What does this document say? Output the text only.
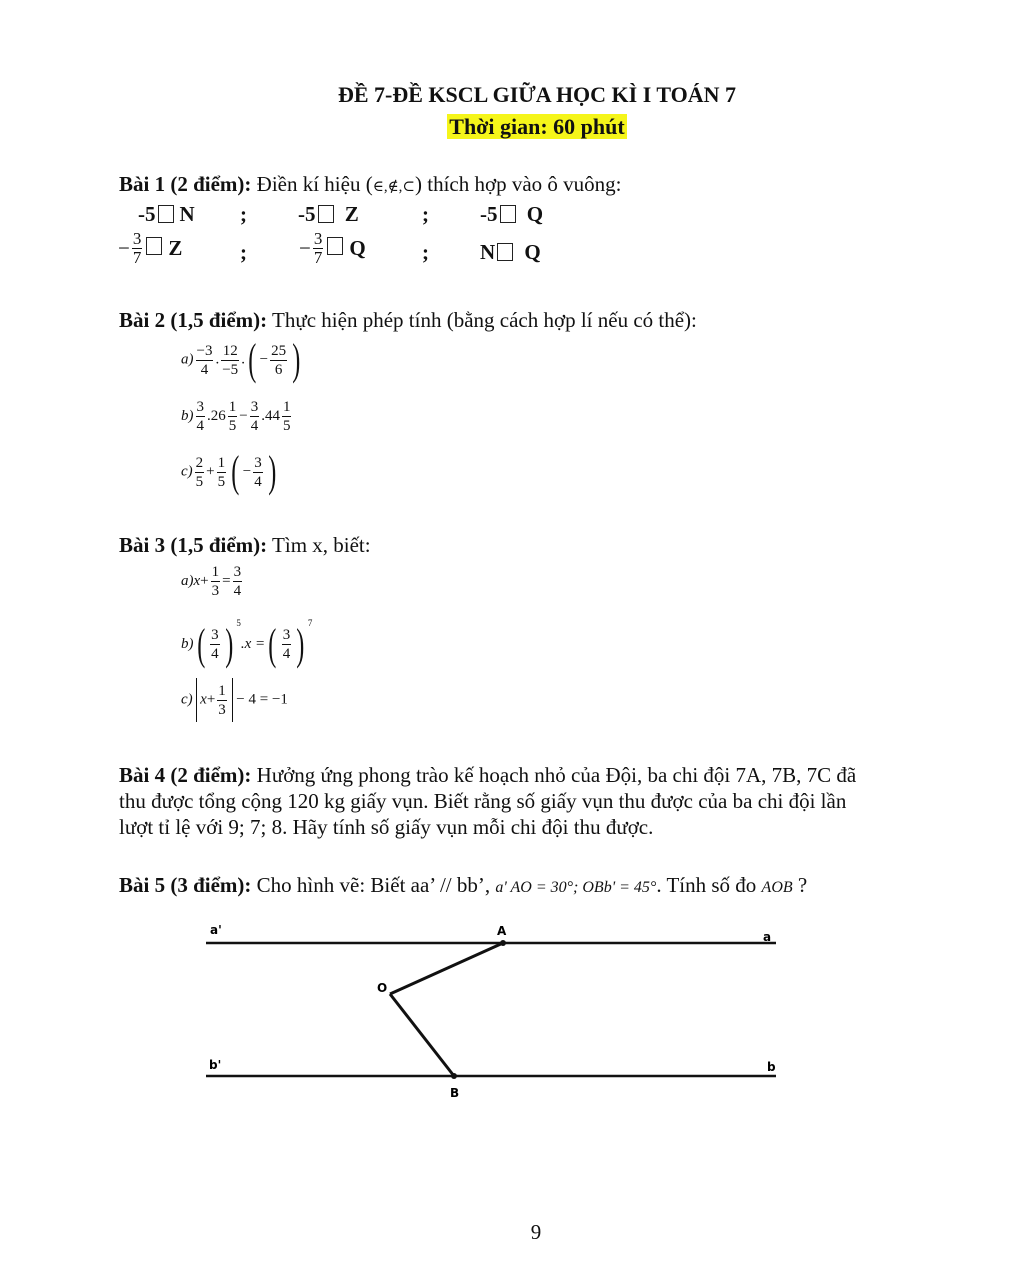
ĐỀ 7-ĐỀ KSCL GIỮA HỌC KÌ I TOÁN 7
Thời gian: 60 phút
Bài 1 (2 điểm): Điền kí hiệu (∈,∉,⊂) thích hợp vào ô vuông:
-5 N ; -5 Z	; -5 Q
− $\frac{3}{7}$ Z	; − $\frac{3}{7}$ Q	; N Q
Bài 2 (1,5 điểm): Thực hiện phép tính (bằng cách hợp lí nếu có thể):
$a) \frac{-3}{4}$ . $\frac{12}{-5}$ .( − $\frac{25}{6}$ )
$b) \frac{3}{4} .26 \frac{1}{5} - \frac{3}{4} .44 \frac{1}{5}$
$c) \frac{2}{5} + \frac{1}{5}$ ( − $\frac{3}{4}$ )
Bài 3 (1,5 điểm): Tìm x, biết:
$a)x+ \frac{1}{3} = \frac{3}{4}$
$b)( \frac{3}{4}$ ) $^5$.x =( $\frac{3}{4}$ ) $^7$
c) $x+ \frac{1}{3} - 4 = -1$
Bài 4 (2 điểm): Hưởng ứng phong trào kế hoạch nhỏ của Đội, ba chi đội 7A, 7B, 7C đã
thu được tổng cộng 120 kg giấy vụn. Biết rằng số giấy vụn thu được của ba chi đội lần
lượt tỉ lệ với 9; 7; 8. Hãy tính số giấy vụn mỗi chi đội thu được.
Bài 5 (3 điểm): Cho hình vẽ: Biết aa’ // bb’, a' AO = 30°; OBb' = 45°. Tính số đo AOB ?
a'	A	a
O
b'	b
B
9
